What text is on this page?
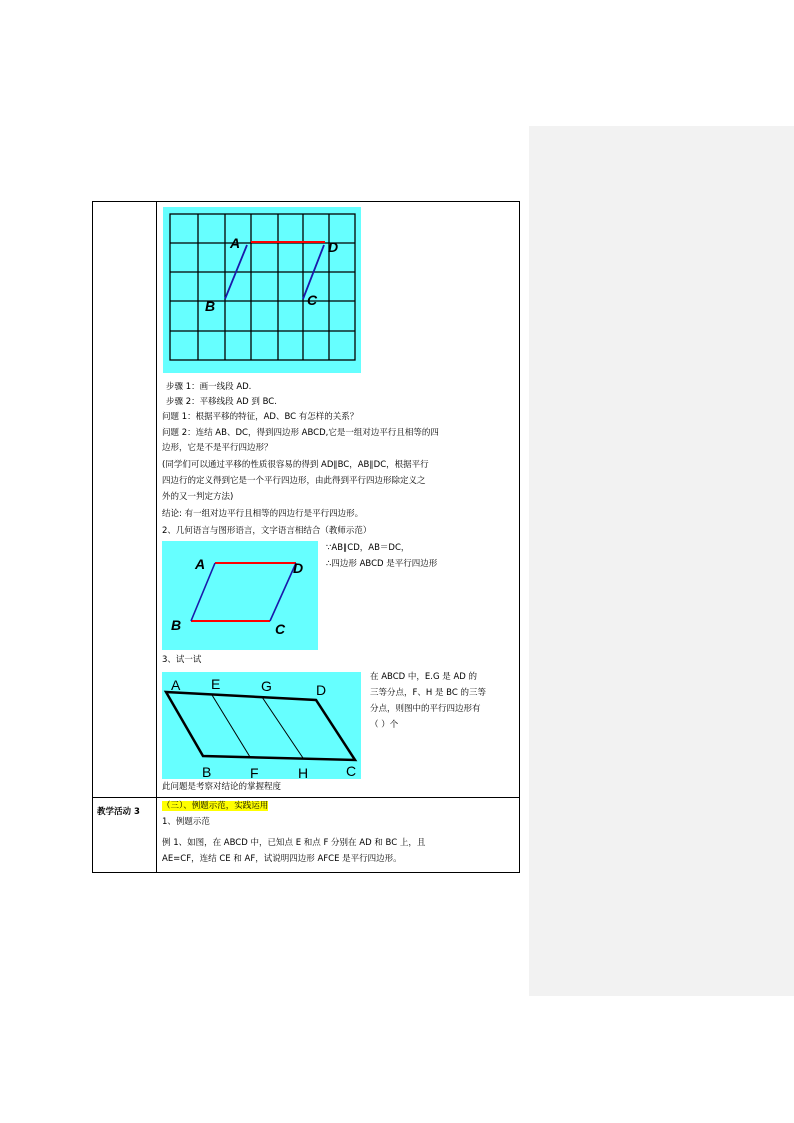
教学活动 3
A	D
B	C
步骤 1：画一线段 AD.
步骤 2：平移线段 AD 到 BC.
问题 1：根据平移的特征，AD、BC 有怎样的关系？
问题 2：连结 AB、DC，得到四边形 ABCD,它是一组对边平行且相等的四
边形，它是不是平行四边形？
(同学们可以通过平移的性质很容易的得到 AD∥BC，AB∥DC，根据平行
四边行的定义得到它是一个平行四边形，由此得到平行四边形除定义之
外的又一判定方法)
结论: 有一组对边平行且相等的四边行是平行四边形。
2、几何语言与图形语言，文字语言相结合（教师示范）
A	D
B	C
∵AB∥CD，AB＝DC，
∴四边形 ABCD 是平行四边形
3、试一试
A E	G	D
B	F	H	C
在 ABCD 中，E.G 是 AD 的
三等分点，F、H 是 BC 的三等
分点，则图中的平行四边形有
（ ）个
此问题是考察对结论的掌握程度
（三）、例题示范，实践运用
1、例题示范
例 1、如图，在 ABCD 中，已知点 E 和点 F 分别在 AD 和 BC 上，且
AE=CF，连结 CE 和 AF，试说明四边形 AFCE 是平行四边形。
